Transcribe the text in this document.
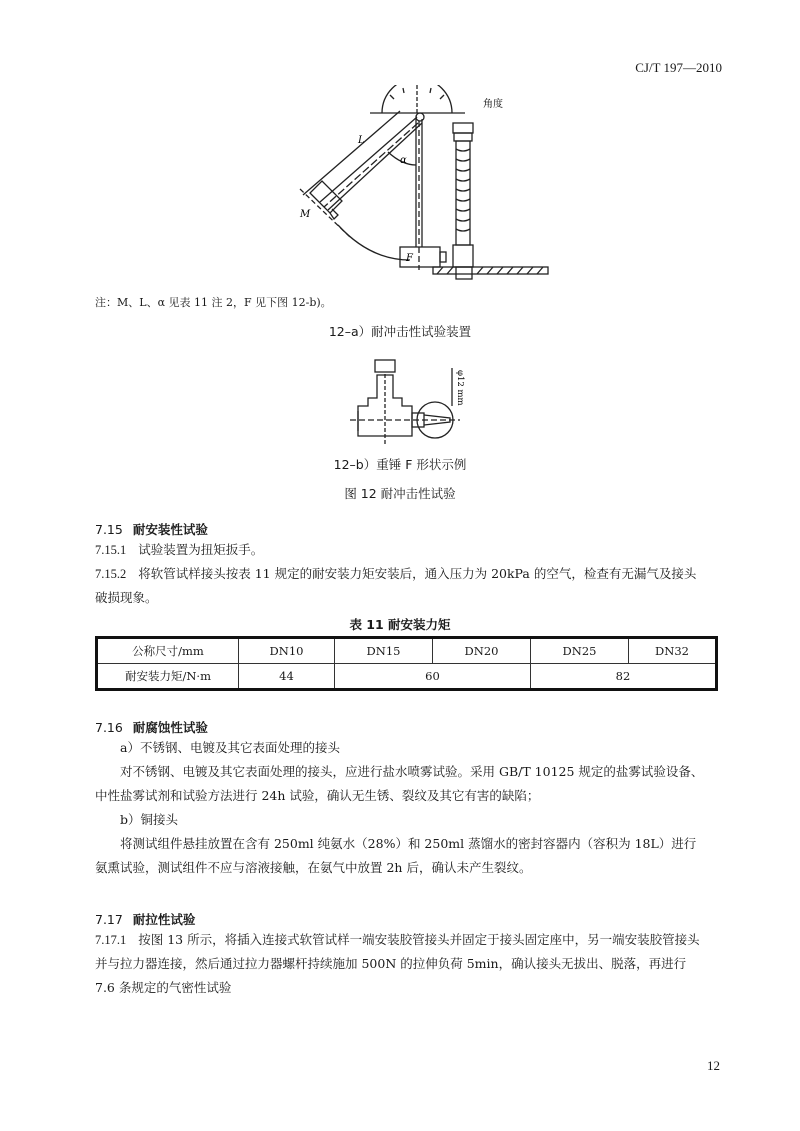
CJ/T 197—2010
角度
L
α
M
F
注：M、L、α 见表 11 注 2，F 见下图 12-b)。
12–a）耐冲击性试验装置
φ12 mm
12–b）重锤 F 形状示例
图 12 耐冲击性试验
7.15 耐安装性试验
7.15.1 试验装置为扭矩扳手。
7.15.2 将软管试样接头按表 11 规定的耐安装力矩安装后，通入压力为 20kPa 的空气，检查有无漏气及接头破损现象。
表 11 耐安装力矩
公称尺寸/mm	DN10	DN15	DN20	DN25	DN32
耐安装力矩/N·m	44	60		82	
7.16 耐腐蚀性试验
a）不锈钢、电镀及其它表面处理的接头
对不锈钢、电镀及其它表面处理的接头，应进行盐水喷雾试验。采用 GB/T 10125 规定的盐雾试验设备、中性盐雾试剂和试验方法进行 24h 试验，确认无生锈、裂纹及其它有害的缺陷；
b）铜接头
将测试组件悬挂放置在含有 250ml 纯氨水（28%）和 250ml 蒸馏水的密封容器内（容积为 18L）进行氨熏试验，测试组件不应与溶液接触，在氨气中放置 2h 后，确认未产生裂纹。
7.17 耐拉性试验
7.17.1 按图 13 所示，将插入连接式软管试样一端安装胶管接头并固定于接头固定座中，另一端安装胶管接头并与拉力器连接，然后通过拉力器螺杆持续施加 500N 的拉伸负荷 5min，确认接头无拔出、脱落，再进行 7.6 条规定的气密性试验
12
